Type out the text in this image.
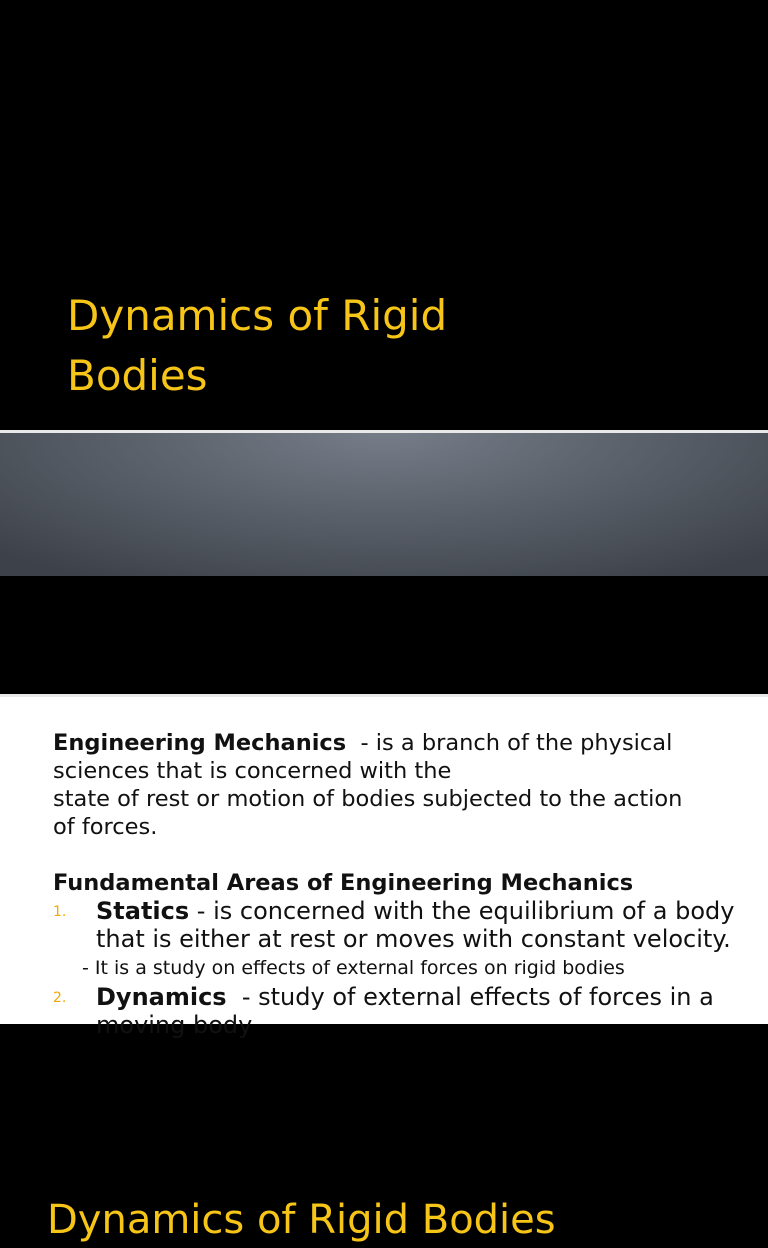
Dynamics of Rigid
Bodies
Dynamics of Rigid Bodies
Engineering Mechanics  - is a branch of the physical
sciences that is concerned with the
state of rest or motion of bodies subjected to the action
of forces.
Fundamental Areas of Engineering Mechanics
1. Statics - is concerned with the equilibrium of a body
that is either at rest or moves with constant velocity.
- It is a study on effects of external forces on rigid bodies
2. Dynamics  - study of external effects of forces in a
moving body
